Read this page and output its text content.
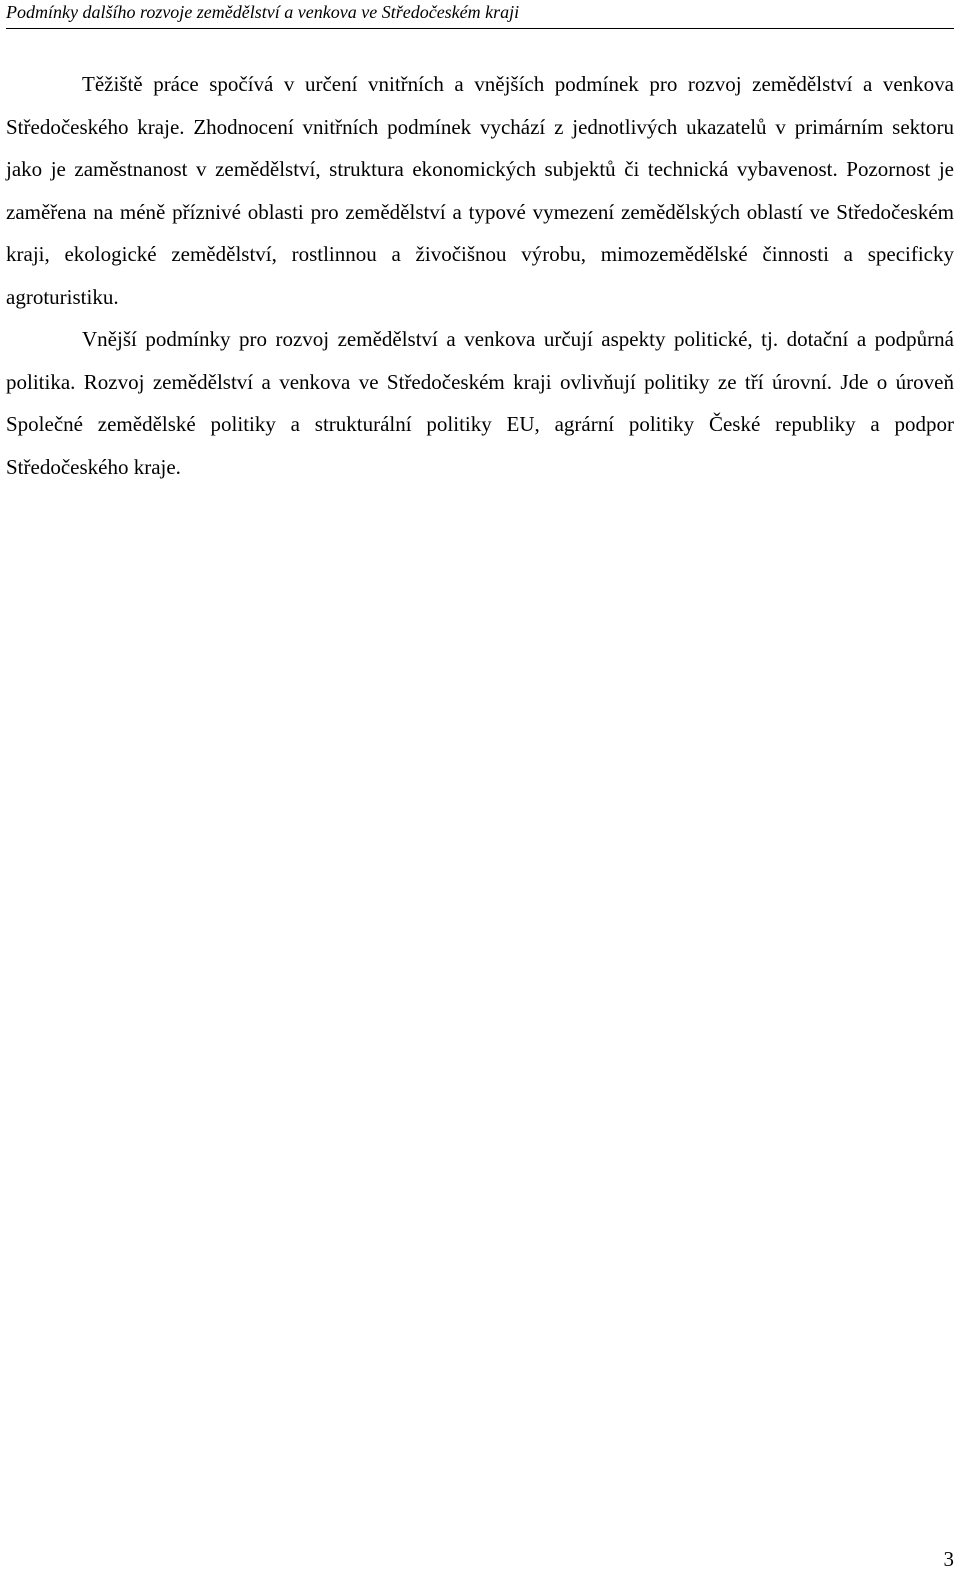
Podmínky dalšího rozvoje zemědělství a venkova ve Středočeském kraji

Těžiště práce spočívá v určení vnitřních a vnějších podmínek pro rozvoj zemědělství a venkova Středočeského kraje. Zhodnocení vnitřních podmínek vychází z jednotlivých ukazatelů v primárním sektoru jako je zaměstnanost v zemědělství, struktura ekonomických subjektů či technická vybavenost. Pozornost je zaměřena na méně příznivé oblasti pro zemědělství a typové vymezení zemědělských oblastí ve Středočeském kraji, ekologické zemědělství, rostlinnou a živočišnou výrobu, mimozemědělské činnosti a specificky agroturistiku.

Vnější podmínky pro rozvoj zemědělství a venkova určují aspekty politické, tj. dotační a podpůrná politika. Rozvoj zemědělství a venkova ve Středočeském kraji ovlivňují politiky ze tří úrovní. Jde o úroveň Společné zemědělské politiky a strukturální politiky EU, agrární politiky České republiky a podpor Středočeského kraje.

3
